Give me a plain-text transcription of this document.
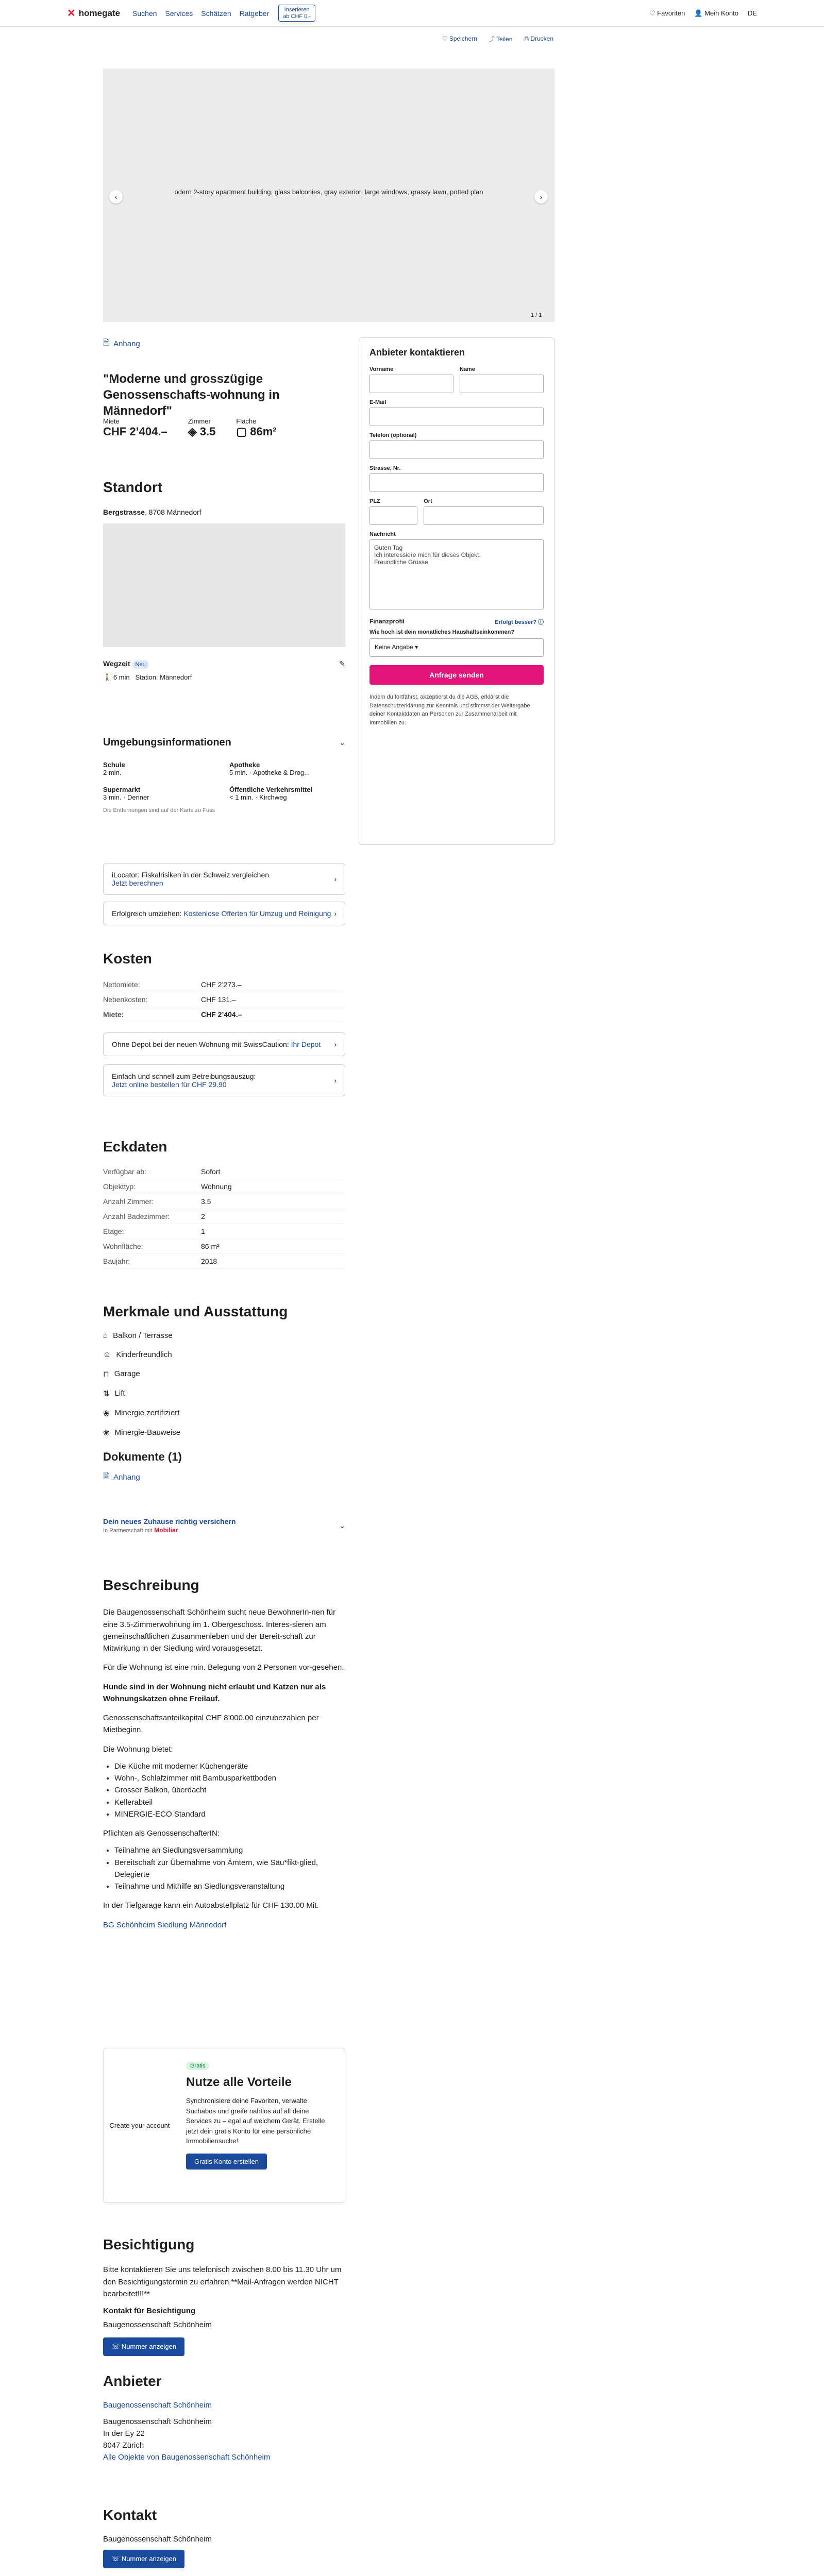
✕ homegate Suchen Services Schätzen Ratgeber	Inserieren
ab CHF 0.-	♡ Favoriten 👤 Mein Konto DE
♡ Speichern ⤴ Teilen ⎙ Drucken
odern 2-story apartment building, glass balconies, gray exterior, large windows, grassy lawn, potted plan
‹	›
1 / 1
Anbieter kontaktieren
Vorname	Name
E-Mail
Telefon (optional)
Strasse, Nr.
PLZ	Ort
Nachricht
Guten Tag
Ich interessiere mich für dieses Objekt.
Freundliche Grüsse
Finanzprofil	Erfolgt besser? ⓘ
Wie hoch ist dein monatliches Haushaltseinkommen?
Keine Angabe ▾
Anfrage senden
Indem du fortfährst, akzeptierst du die AGB, erklärst die Datenschutzerklärung zur Kenntnis und stimmst der Weitergabe deiner Kontaktdaten an Personen zur Zusammenarbeit mit Immobilien zu.
🗎 Anhang
"Moderne und grosszügige Genossenschafts-wohnung in Männedorf"
Miete
CHF 2’404.–
Zimmer
◈ 3.5
Fläche
▢ 86m²
Standort
Bergstrasse, 8708 Männedorf
Wegzeit Neu	✎
🚶 6 min Station: Männedorf
Umgebungsinformationen	⌄
Schule
2 min.
Apotheke
5 min. · Apotheke & Drog...
Supermarkt
3 min. · Denner
Öffentliche Verkehrsmittel
< 1 min. · Kirchweg
Die Entfernungen sind auf der Karte zu Fuss
iLocator: Fiskalrisiken in der Schweiz vergleichen
Jetzt berechnen	›
Erfolgreich umziehen: Kostenlose Offerten für Umzug und Reinigung ›
Kosten
Nettomiete:	CHF 2’273.–
Nebenkosten:	CHF 131.–
Miete:	CHF 2’404.–
Ohne Depot bei der neuen Wohnung mit SwissCaution: Ihr Depot ›
Einfach und schnell zum Betreibungsauszug:
Jetzt online bestellen für CHF 29.90	›
Eckdaten
Verfügbar ab:	Sofort
Objekttyp:	Wohnung
Anzahl Zimmer:	3.5
Anzahl Badezimmer:	2
Etage:	1
Wohnfläche:	86 m²
Baujahr:	2018
Merkmale und Ausstattung
⌂ Balkon / Terrasse
☺ Kinderfreundlich
⊓ Garage
⇅ Lift
❀ Minergie zertifiziert
❀ Minergie-Bauweise
Dokumente (1)
🗎 Anhang
Dein neues Zuhause richtig versichern
In Partnerschaft mit Mobiliar
⌄
Beschreibung

Die Baugenossenschaft Schönheim sucht neue BewohnerIn-nen für eine 3.5-Zimmerwohnung im 1. Obergeschoss. Interes-sieren am gemeinschaftlichen Zusammenleben und der Bereit-schaft zur Mitwirkung in der Siedlung wird vorausgesetzt.

Für die Wohnung ist eine min. Belegung von 2 Personen vor-gesehen.

Hunde sind in der Wohnung nicht erlaubt und Katzen nur als Wohnungskatzen ohne Freilauf.

Genossenschaftsanteilkapital CHF 8’000.00 einzubezahlen per Mietbeginn.

Die Wohnung bietet:

• Die Küche mit moderner Küchengeräte
• Wohn-, Schlafzimmer mit Bambusparkettboden
• Grosser Balkon, überdacht
• Kellerabteil
• MINERGIE-ECO Standard

Pflichten als GenossenschafterIN:

• Teilnahme an Siedlungsversammlung
• Bereitschaft zur Übernahme von Ämtern, wie Säu*fikt-glied, Delegierte
• Teilnahme und Mithilfe an Siedlungsveranstaltung

In der Tiefgarage kann ein Autoabstellplatz für CHF 130.00 Mit.

BG Schönheim Siedlung Männedorf
Create your account
Gratis
Nutze alle Vorteile

Synchronisiere deine Favoriten, verwalte Suchabos und greife nahtlos auf all deine Services zu – egal auf welchem Gerät. Erstelle jetzt dein gratis Konto für eine persönliche Immobiliensuche!

Gratis Konto erstellen
Besichtigung

Bitte kontaktieren Sie uns telefonisch zwischen 8.00 bis 11.30 Uhr um den Besichtigungstermin zu erfahren.**Mail-Anfragen werden NICHT bearbeitet!!!**

Kontakt für Besichtigung

Baugenossenschaft Schönheim

☏ Nummer anzeigen
Anbieter
Baugenossenschaft Schönheim

Baugenossenschaft Schönheim

In der Ey 22

8047 Zürich

Alle Objekte von Baugenossenschaft Schönheim
Kontakt

Baugenossenschaft Schönheim

☏ Nummer anzeigen
